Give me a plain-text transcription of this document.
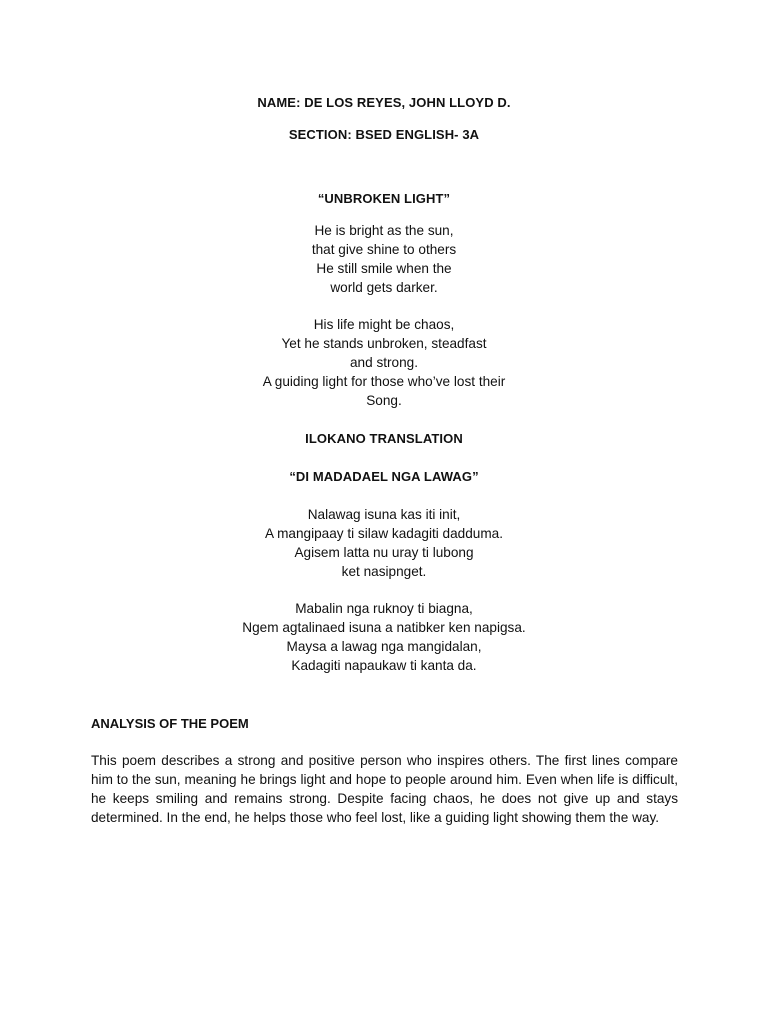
NAME: DE LOS REYES, JOHN LLOYD D.
SECTION: BSED ENGLISH- 3A
“UNBROKEN LIGHT”
He is bright as the sun,
that give shine to others
He still smile when the
world gets darker.
His life might be chaos,
Yet he stands unbroken, steadfast
and strong.
A guiding light for those who’ve lost their
Song.
ILOKANO TRANSLATION
“DI MADADAEL NGA LAWAG”
Nalawag isuna kas iti init,
A mangipaay ti silaw kadagiti dadduma.
Agisem latta nu uray ti lubong
ket nasipnget.
Mabalin nga ruknoy ti biagna,
Ngem agtalinaed isuna a natibker ken napigsa.
Maysa a lawag nga mangidalan,
Kadagiti napaukaw ti kanta da.
ANALYSIS OF THE POEM
This poem describes a strong and positive person who inspires others. The first lines compare him to the sun, meaning he brings light and hope to people around him. Even when life is difficult, he keeps smiling and remains strong. Despite facing chaos, he does not give up and stays determined. In the end, he helps those who feel lost, like a guiding light showing them the way.
